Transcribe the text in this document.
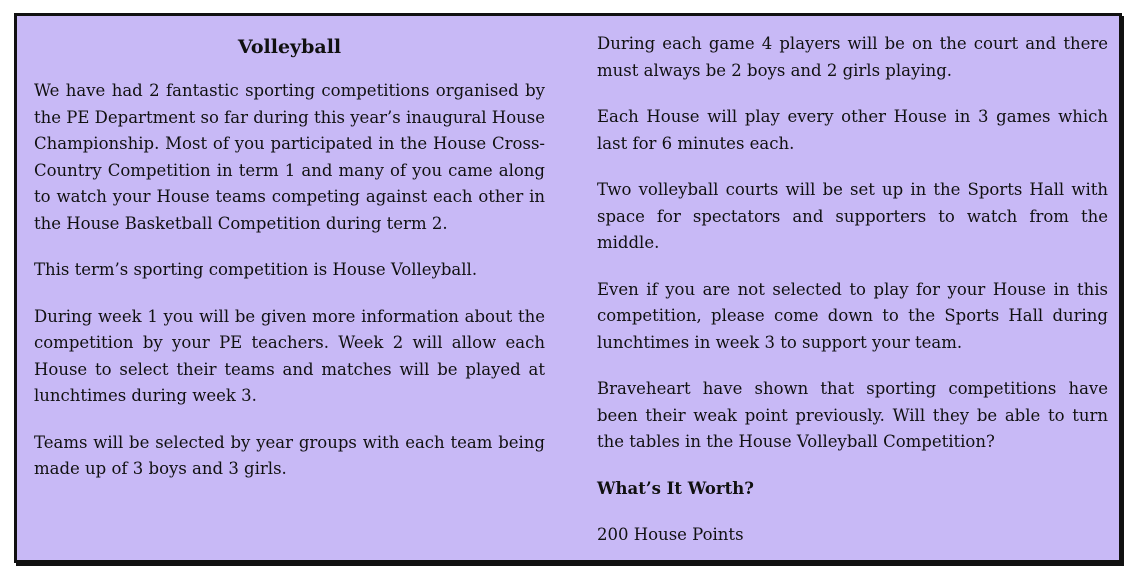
Volleyball

We have had 2 fantastic sporting competitions organised by the PE Department so far during this year’s inaugural House Championship. Most of you participated in the House Cross-Country Competition in term 1 and many of you came along to watch your House teams competing against each other in the House Basketball Competition during term 2.

This term’s sporting competition is House Volleyball.

During week 1 you will be given more information about the competition by your PE teachers. Week 2 will allow each House to select their teams and matches will be played at lunchtimes during week 3.

Teams will be selected by year groups with each team being made up of 3 boys and 3 girls.

During each game 4 players will be on the court and there must always be 2 boys and 2 girls playing.

Each House will play every other House in 3 games which last for 6 minutes each.

Two volleyball courts will be set up in the Sports Hall with space for spectators and supporters to watch from the middle.

Even if you are not selected to play for your House in this competition, please come down to the Sports Hall during lunchtimes in week 3 to support your team.

Braveheart have shown that sporting competitions have been their weak point previously. Will they be able to turn the tables in the House Volleyball Competition?

What’s It Worth?

200 House Points
